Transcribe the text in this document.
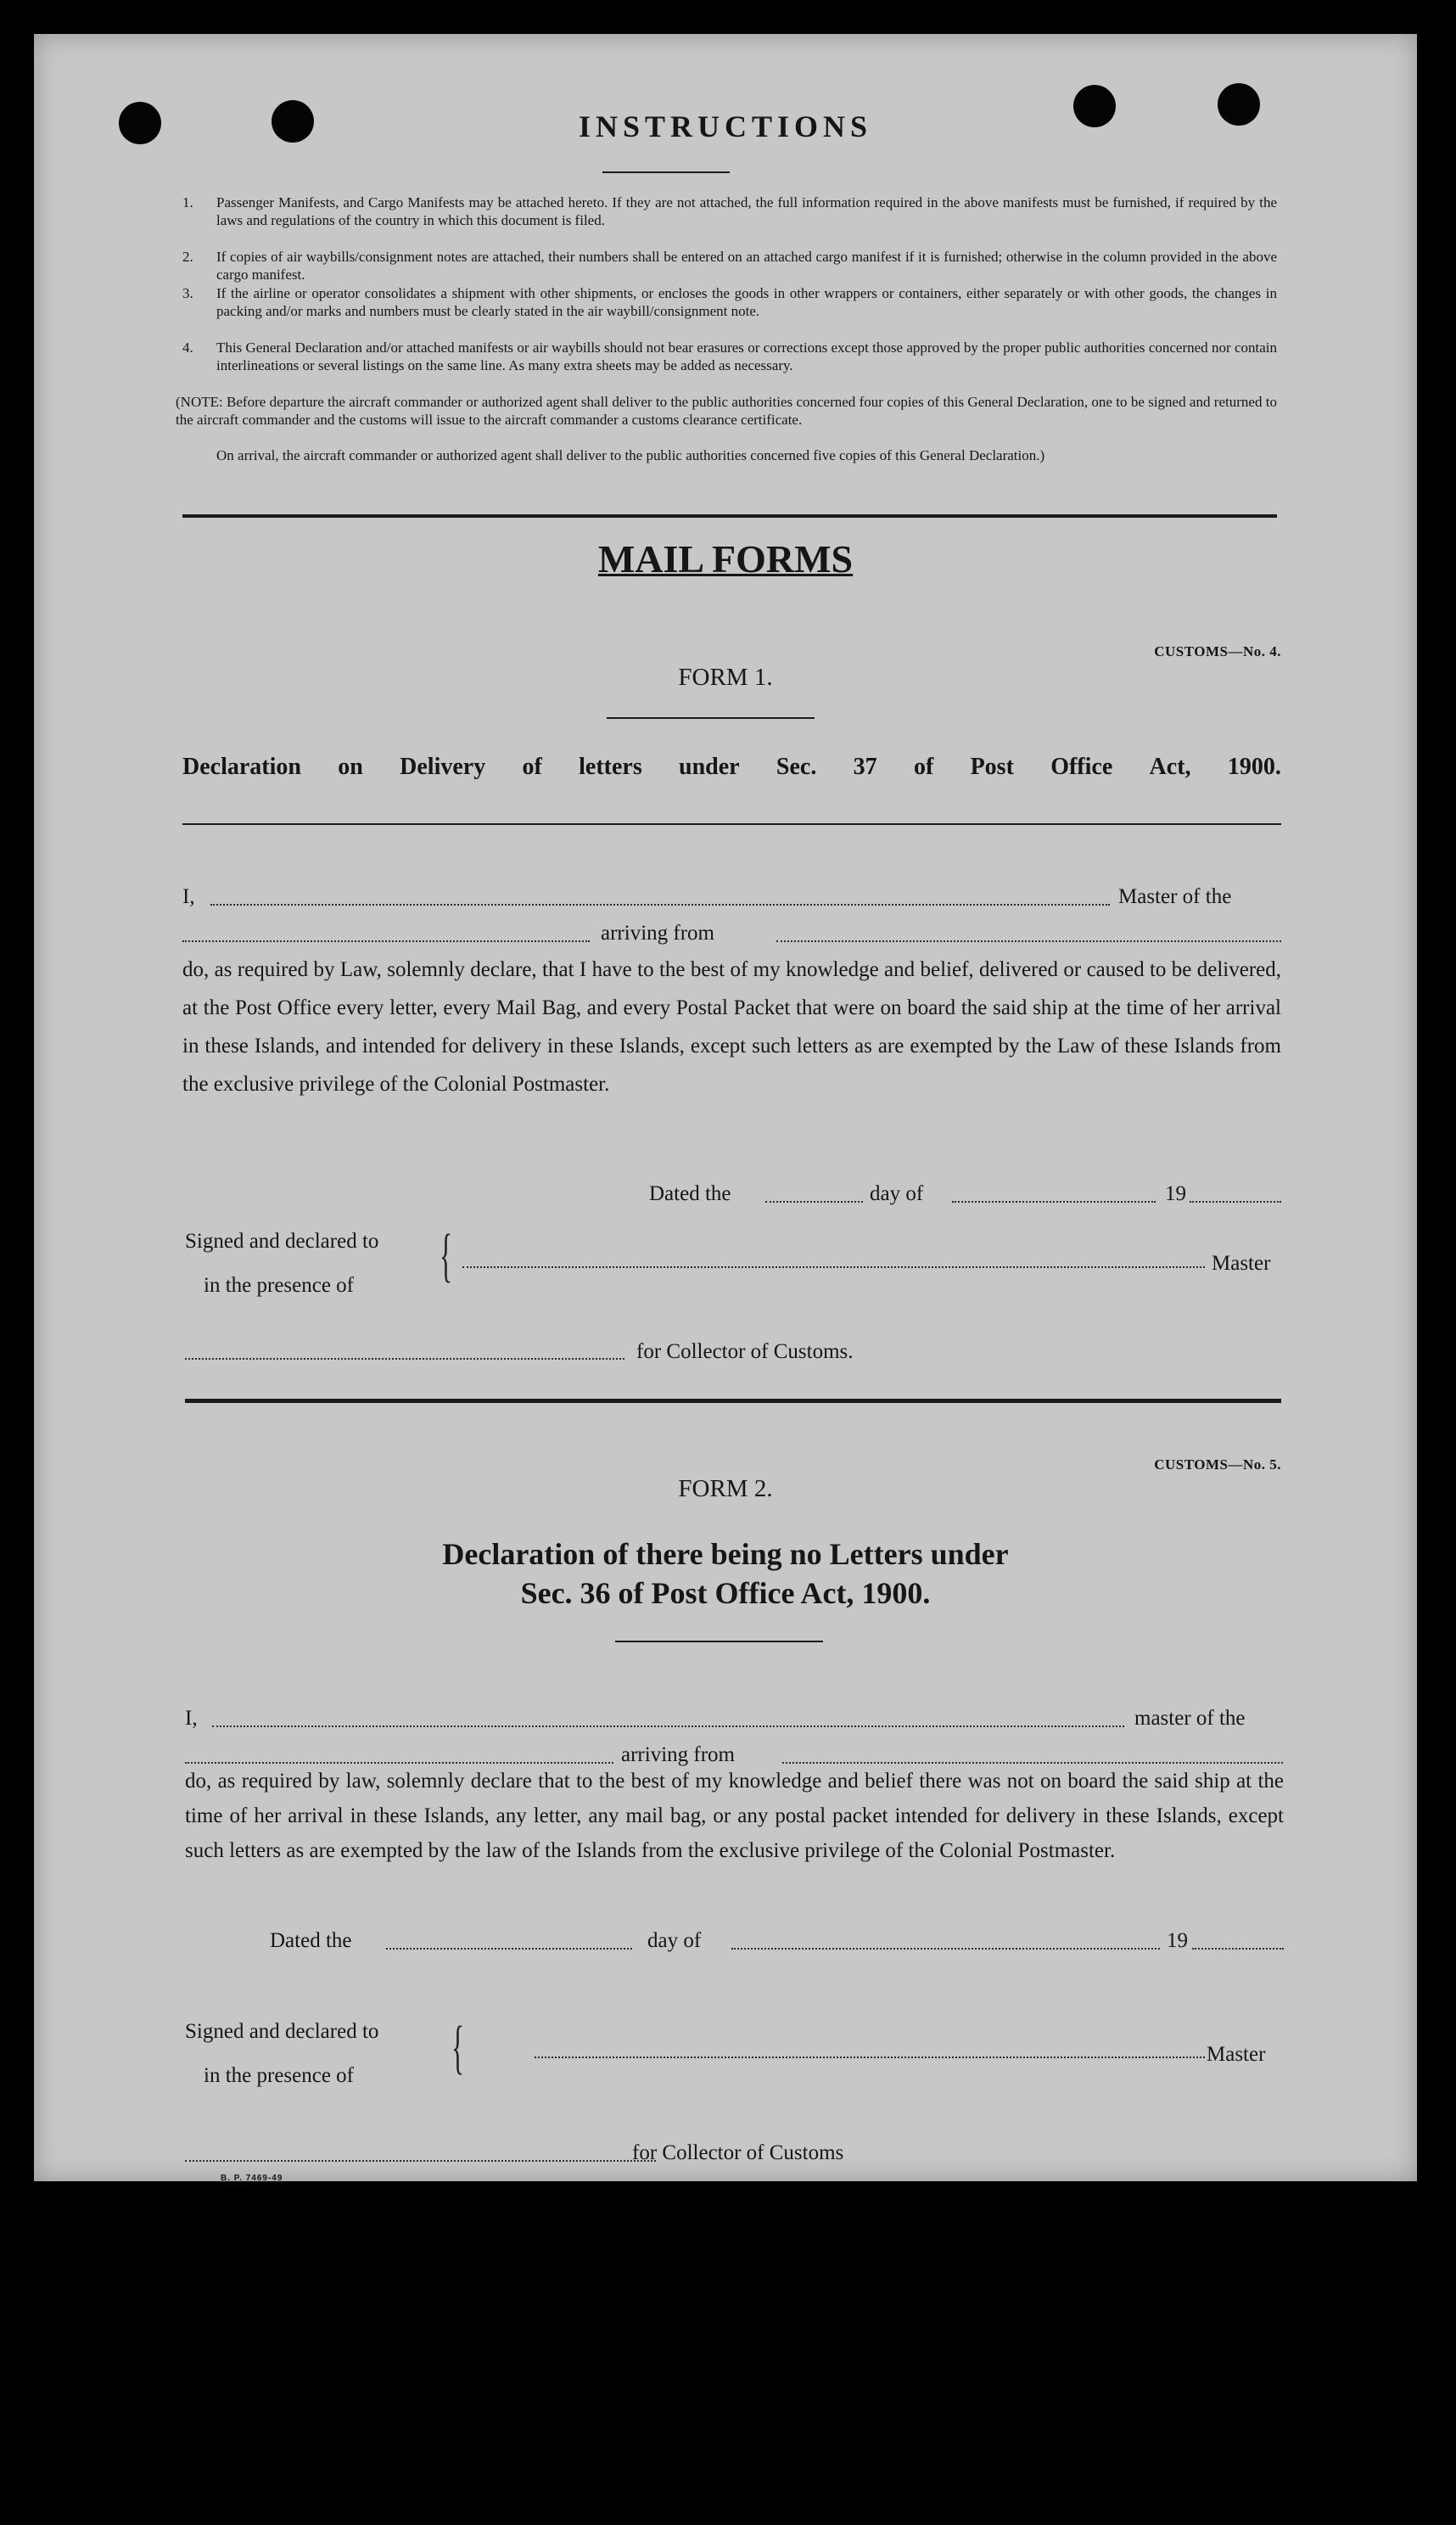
INSTRUCTIONS
1. Passenger Manifests, and Cargo Manifests may be attached hereto. If they are not attached, the full information required in the above manifests must be furnished, if required by the laws and regulations of the country in which this document is filed.
2. If copies of air waybills/consignment notes are attached, their numbers shall be entered on an attached cargo manifest if it is furnished; otherwise in the column provided in the above cargo manifest.
3. If the airline or operator consolidates a shipment with other shipments, or encloses the goods in other wrappers or containers, either separately or with other goods, the changes in packing and/or marks and numbers must be clearly stated in the air waybill/consignment note.
4. This General Declaration and/or attached manifests or air waybills should not bear erasures or corrections except those approved by the proper public authorities concerned nor contain interlineations or several listings on the same line. As many extra sheets may be added as necessary.
(NOTE: Before departure the aircraft commander or authorized agent shall deliver to the public authorities concerned four copies of this General Declaration, one to be signed and returned to the aircraft commander and the customs will issue to the aircraft commander a customs clearance certificate.
On arrival, the aircraft commander or authorized agent shall deliver to the public authorities concerned five copies of this General Declaration.)
MAIL FORMS
CUSTOMS—No. 4.
FORM 1.
Declaration on Delivery of letters under Sec. 37 of Post Office Act, 1900.
I,	Master of the
arriving from
do, as required by Law, solemnly declare, that I have to the best of my knowledge and belief, delivered or caused to be delivered, at the Post Office every letter, every Mail Bag, and every Postal Packet that were on board the said ship at the time of her arrival in these Islands, and intended for delivery in these Islands, except such letters as are exempted by the Law of these Islands from the exclusive privilege of the Colonial Postmaster.
Dated the	day of	19
Signed and declared to
in the presence of {	Master
for Collector of Customs.
CUSTOMS—No. 5.
FORM 2.
Declaration of there being no Letters under
Sec. 36 of Post Office Act, 1900.
I,	master of the
arriving from
do, as required by law, solemnly declare that to the best of my knowledge and belief there was not on board the said ship at the time of her arrival in these Islands, any letter, any mail bag, or any postal packet intended for delivery in these Islands, except such letters as are exempted by the law of the Islands from the exclusive privilege of the Colonial Postmaster.
Dated the	day of	19
Signed and declared to
in the presence of {	Master
for Collector of Customs
B. P. 7469-49
